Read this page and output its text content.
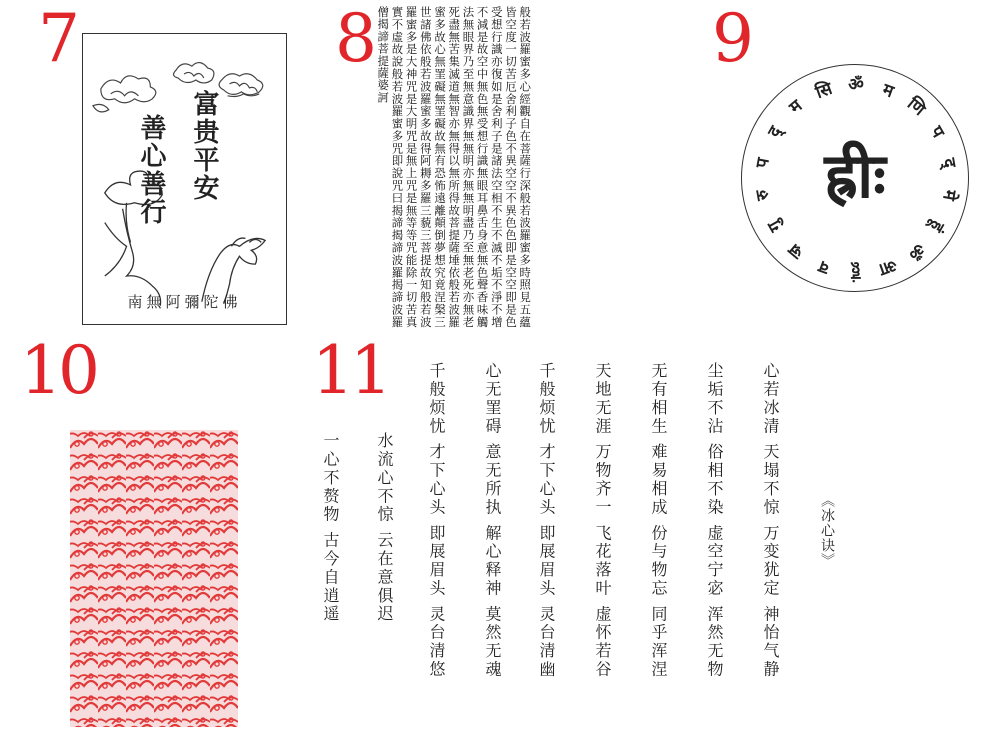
7	8	9
10	11
富贵平安
善心善行
南無阿彌陀佛	般若波羅蜜多心經觀自在菩薩行深般若波羅蜜多時照見五蘊皆空度一切苦厄舍利子色不異空空不異色色即是空空即是色受想行識亦復如是舍利子是諸法空相不生不滅不垢不淨不增不減是故空中無色無受想行識無眼耳鼻舌身意無色聲香味觸法無眼界乃至無意識界無無明亦無無明盡乃至無老死亦無老死盡無苦集滅道無智亦無得以無所得故菩提薩埵依般若波羅蜜多故心無罣礙無罣礙故無有恐怖遠離顛倒夢想究竟涅槃三世諸佛依般若波羅蜜多故得阿耨多羅三藐三菩提故知般若波羅蜜多是大神咒是大明咒是無上咒是無等等咒能除一切苦真實不虛故說般若波羅蜜多咒即說咒曰揭諦揭諦波羅揭諦波羅僧揭諦菩提薩婆訶
ह्रीः
ॐ म
णि
प
द्
मे
हूं
ॐ
आ
हूं
व
ज्र
गु
रु
प
द्
म
सि
《冰心诀》
心若冰清 天塌不惊 万变犹定 神怡气静
尘垢不沾 俗相不染 虚空宁宓 浑然无物
无有相生 难易相成 份与物忘 同乎浑涅
天地无涯 万物齐一 飞花落叶 虚怀若谷
千般烦忧 才下心头 即展眉头 灵台清幽
心无罣碍 意无所执 解心释神 莫然无魂
千般烦忧 才下心头 即展眉头 灵台清悠
水流心不惊 云在意俱迟
一心不赘物 古今自逍遥
